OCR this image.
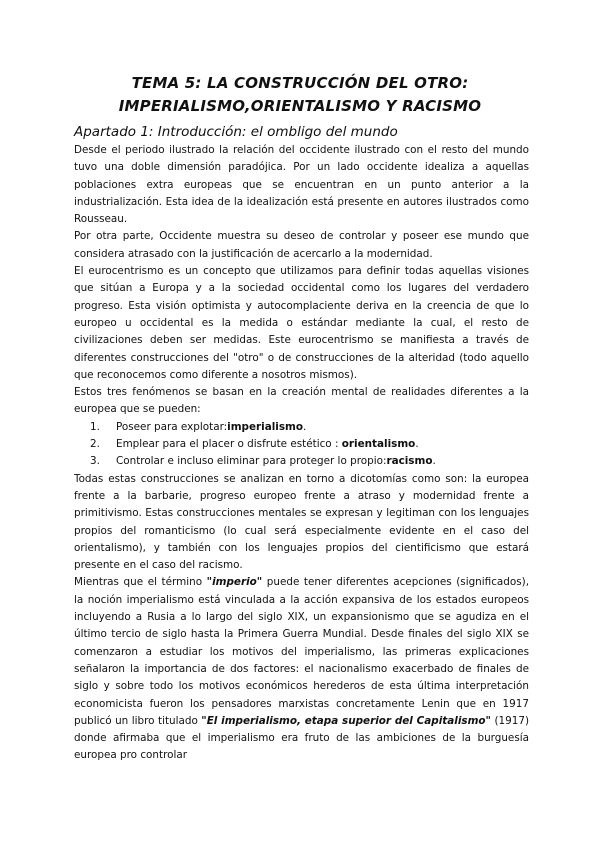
TEMA 5: LA CONSTRUCCIÓN DEL OTRO:
IMPERIALISMO,ORIENTALISMO Y RACISMO
Apartado 1: Introducción: el ombligo del mundo

Desde el periodo ilustrado la relación del occidente ilustrado con el resto del mundo tuvo una doble dimensión paradójica. Por un lado occidente idealiza a aquellas poblaciones extra europeas que se encuentran en un punto anterior a la industrialización. Esta idea de la idealización está presente en autores ilustrados como Rousseau.

Por otra parte, Occidente muestra su deseo de controlar y poseer ese mundo que considera atrasado con la justificación de acercarlo a la modernidad.

El eurocentrismo es un concepto que utilizamos para definir todas aquellas visiones que sitúan a Europa y a la sociedad occidental como los lugares del verdadero progreso. Esta visión optimista y autocomplaciente deriva en la creencia de que lo europeo u occidental es la medida o estándar mediante la cual, el resto de civilizaciones deben ser medidas. Este eurocentrismo se manifiesta a través de diferentes construcciones del "otro" o de construcciones de la alteridad (todo aquello que reconocemos como diferente a nosotros mismos).

Estos tres fenómenos se basan en la creación mental de realidades diferentes a la europea que se pueden:

1. Poseer para explotar:imperialismo.
2. Emplear para el placer o disfrute estético : orientalismo.
3. Controlar e incluso eliminar para proteger lo propio:racismo.

Todas estas construcciones se analizan en torno a dicotomías como son: la europea frente a la barbarie, progreso europeo frente a atraso y modernidad frente a primitivismo. Estas construcciones mentales se expresan y legitiman con los lenguajes propios del romanticismo (lo cual será especialmente evidente en el caso del orientalismo), y también con los lenguajes propios del cientificismo que estará presente en el caso del racismo.

Mientras que el término "imperio" puede tener diferentes acepciones (significados), la noción imperialismo está vinculada a la acción expansiva de los estados europeos incluyendo a Rusia a lo largo del siglo XIX, un expansionismo que se agudiza en el último tercio de siglo hasta la Primera Guerra Mundial. Desde finales del siglo XIX se comenzaron a estudiar los motivos del imperialismo, las primeras explicaciones señalaron la importancia de dos factores: el nacionalismo exacerbado de finales de siglo y sobre todo los motivos económicos herederos de esta última interpretación economicista fueron los pensadores marxistas concretamente Lenin que en 1917 publicó un libro titulado "El imperialismo, etapa superior del Capitalismo" (1917) donde afirmaba que el imperialismo era fruto de las ambiciones de la burguesía europea pro controlar
